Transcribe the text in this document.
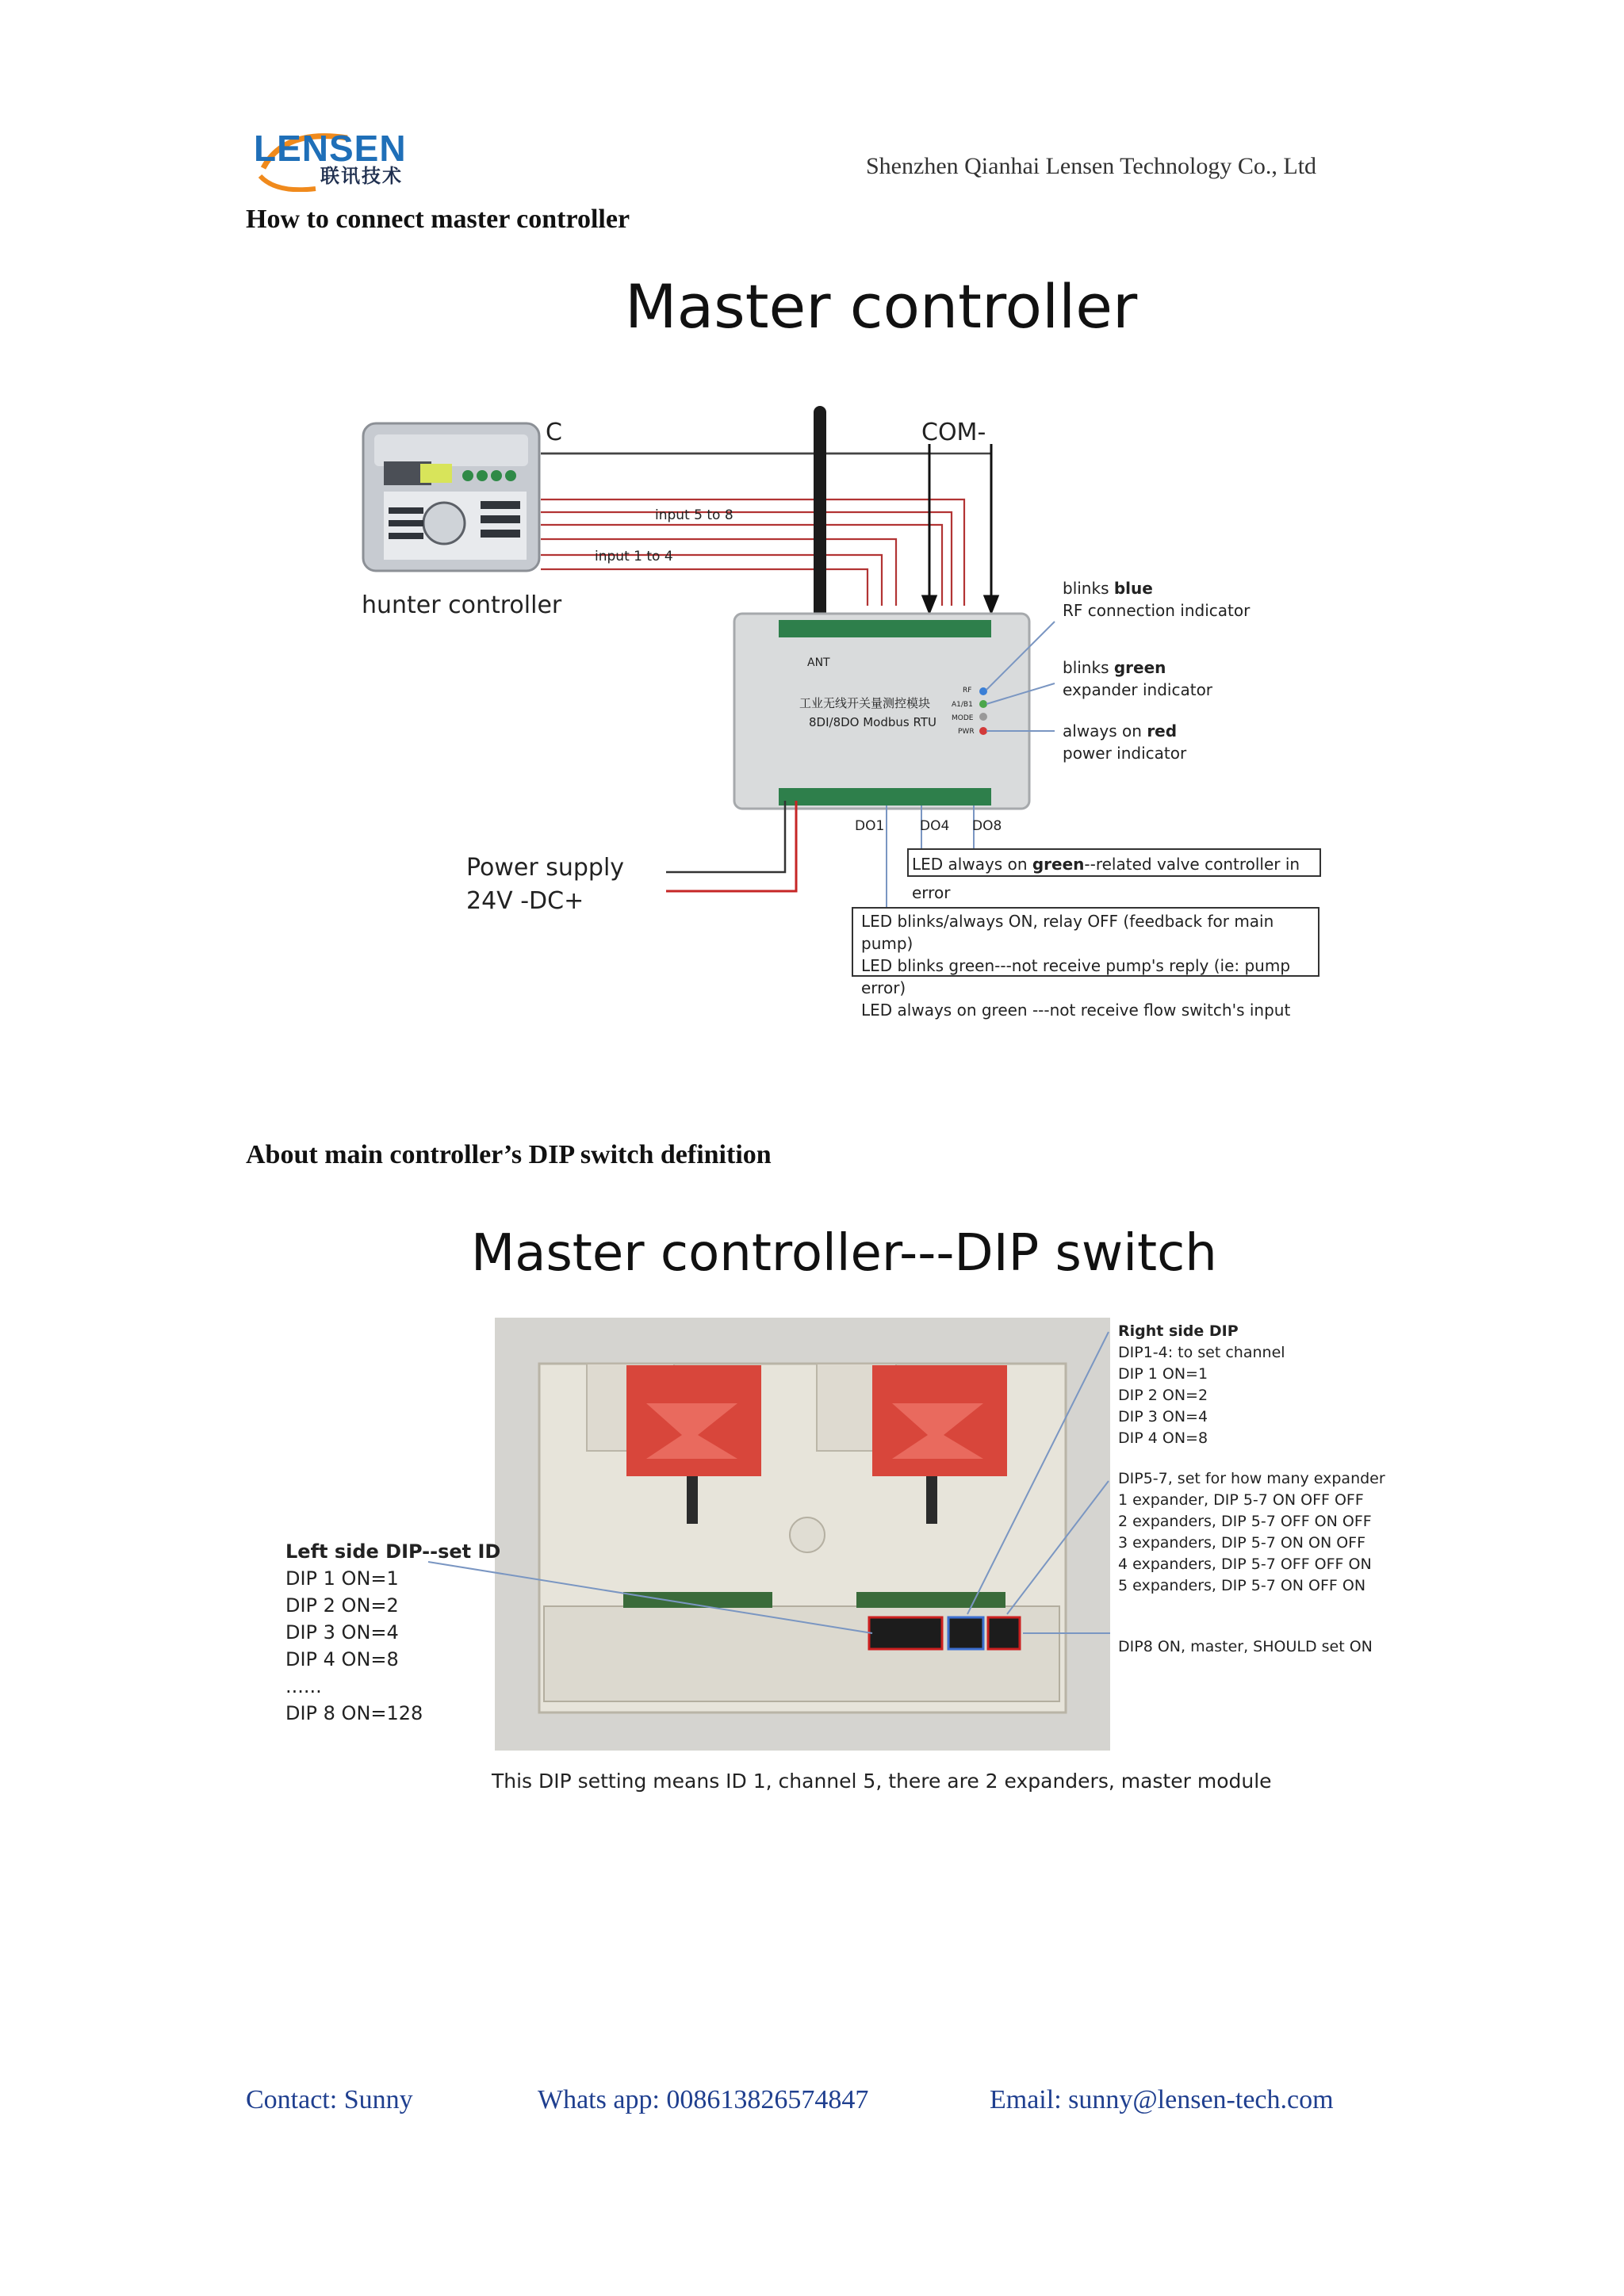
LENSEN
联讯技术	Shenzhen Qianhai Lensen Technology Co., Ltd
How to connect master controller
Master controller
C	COM-
hunter controller
input 5 to 8
input 1 to 4
ANT
工业无线开关量测控模块
8DI/8DO Modbus RTU
RF
A1/B1
MODE
PWR
blinks blue
RF connection indicator
blinks green
expander indicator
always on red
power indicator
Power supply
24V -DC+
DO1	DO4 DO8
LED always on green--related valve controller in error
LED blinks/always ON, relay OFF (feedback for main pump)
LED blinks green---not receive pump's reply (ie: pump error)
LED always on green ---not receive flow switch's input
About main controller’s DIP switch definition
Master controller---DIP switch
Right side DIP
DIP1-4: to set channel
DIP 1 ON=1
DIP 2 ON=2
DIP 3 ON=4
DIP 4 ON=8
DIP5-7, set for how many expander
1 expander, DIP 5-7 ON OFF OFF
2 expanders, DIP 5-7 OFF ON OFF
3 expanders, DIP 5-7 ON ON OFF
4 expanders, DIP 5-7 OFF OFF ON
5 expanders, DIP 5-7 ON OFF ON
DIP8 ON, master, SHOULD set ON
Left side DIP--set ID
DIP 1 ON=1
DIP 2 ON=2
DIP 3 ON=4
DIP 4 ON=8
......
DIP 8 ON=128
This DIP setting means ID 1, channel 5, there are 2 expanders, master module
Contact: Sunny	Whats app: 008613826574847	Email: sunny@lensen-tech.com
